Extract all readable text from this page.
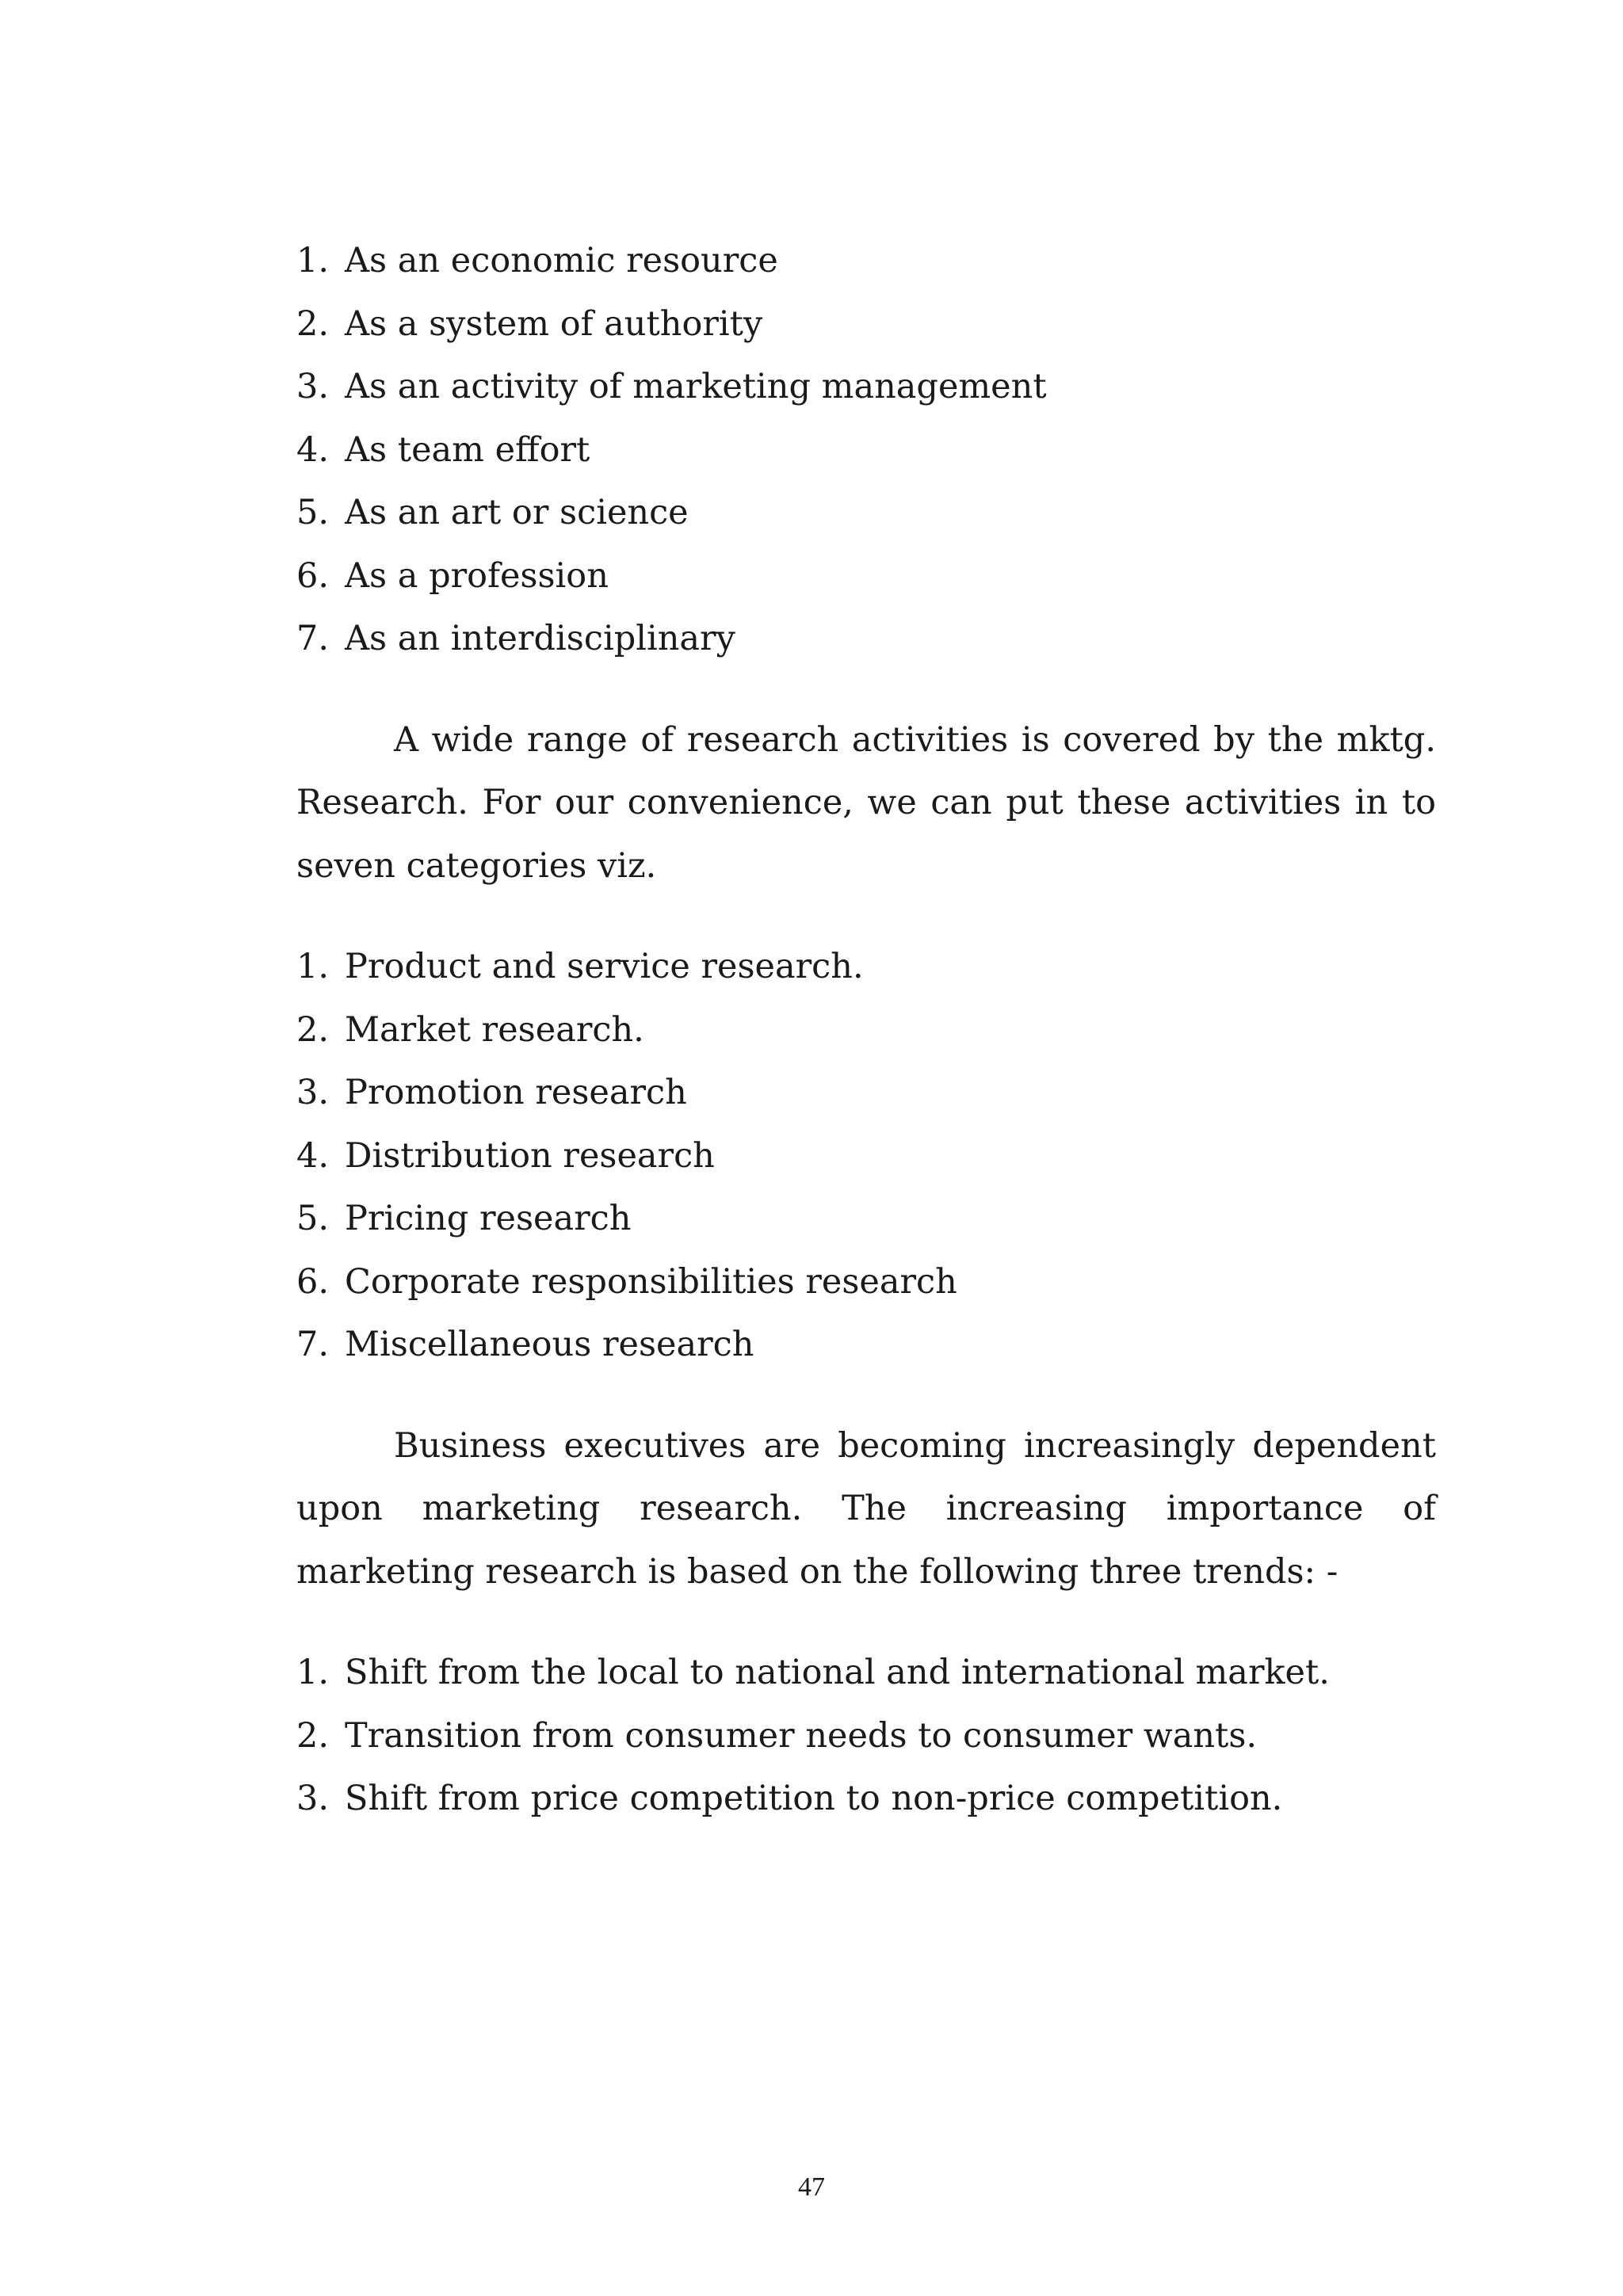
1. As an economic resource
2. As a system of authority
3. As an activity of marketing management
4. As team effort
5. As an art or science
6. As a profession
7. As an interdisciplinary

A wide range of research activities is covered by the mktg. Research. For our convenience, we can put these activities in to seven categories viz.

1. Product and service research.
2. Market research.
3. Promotion research
4. Distribution research
5. Pricing research
6. Corporate responsibilities research
7. Miscellaneous research

Business executives are becoming increasingly dependent upon marketing research. The increasing importance of marketing research is based on the following three trends: -

1. Shift from the local to national and international market.
2. Transition from consumer needs to consumer wants.
3. Shift from price competition to non-price competition.
47
